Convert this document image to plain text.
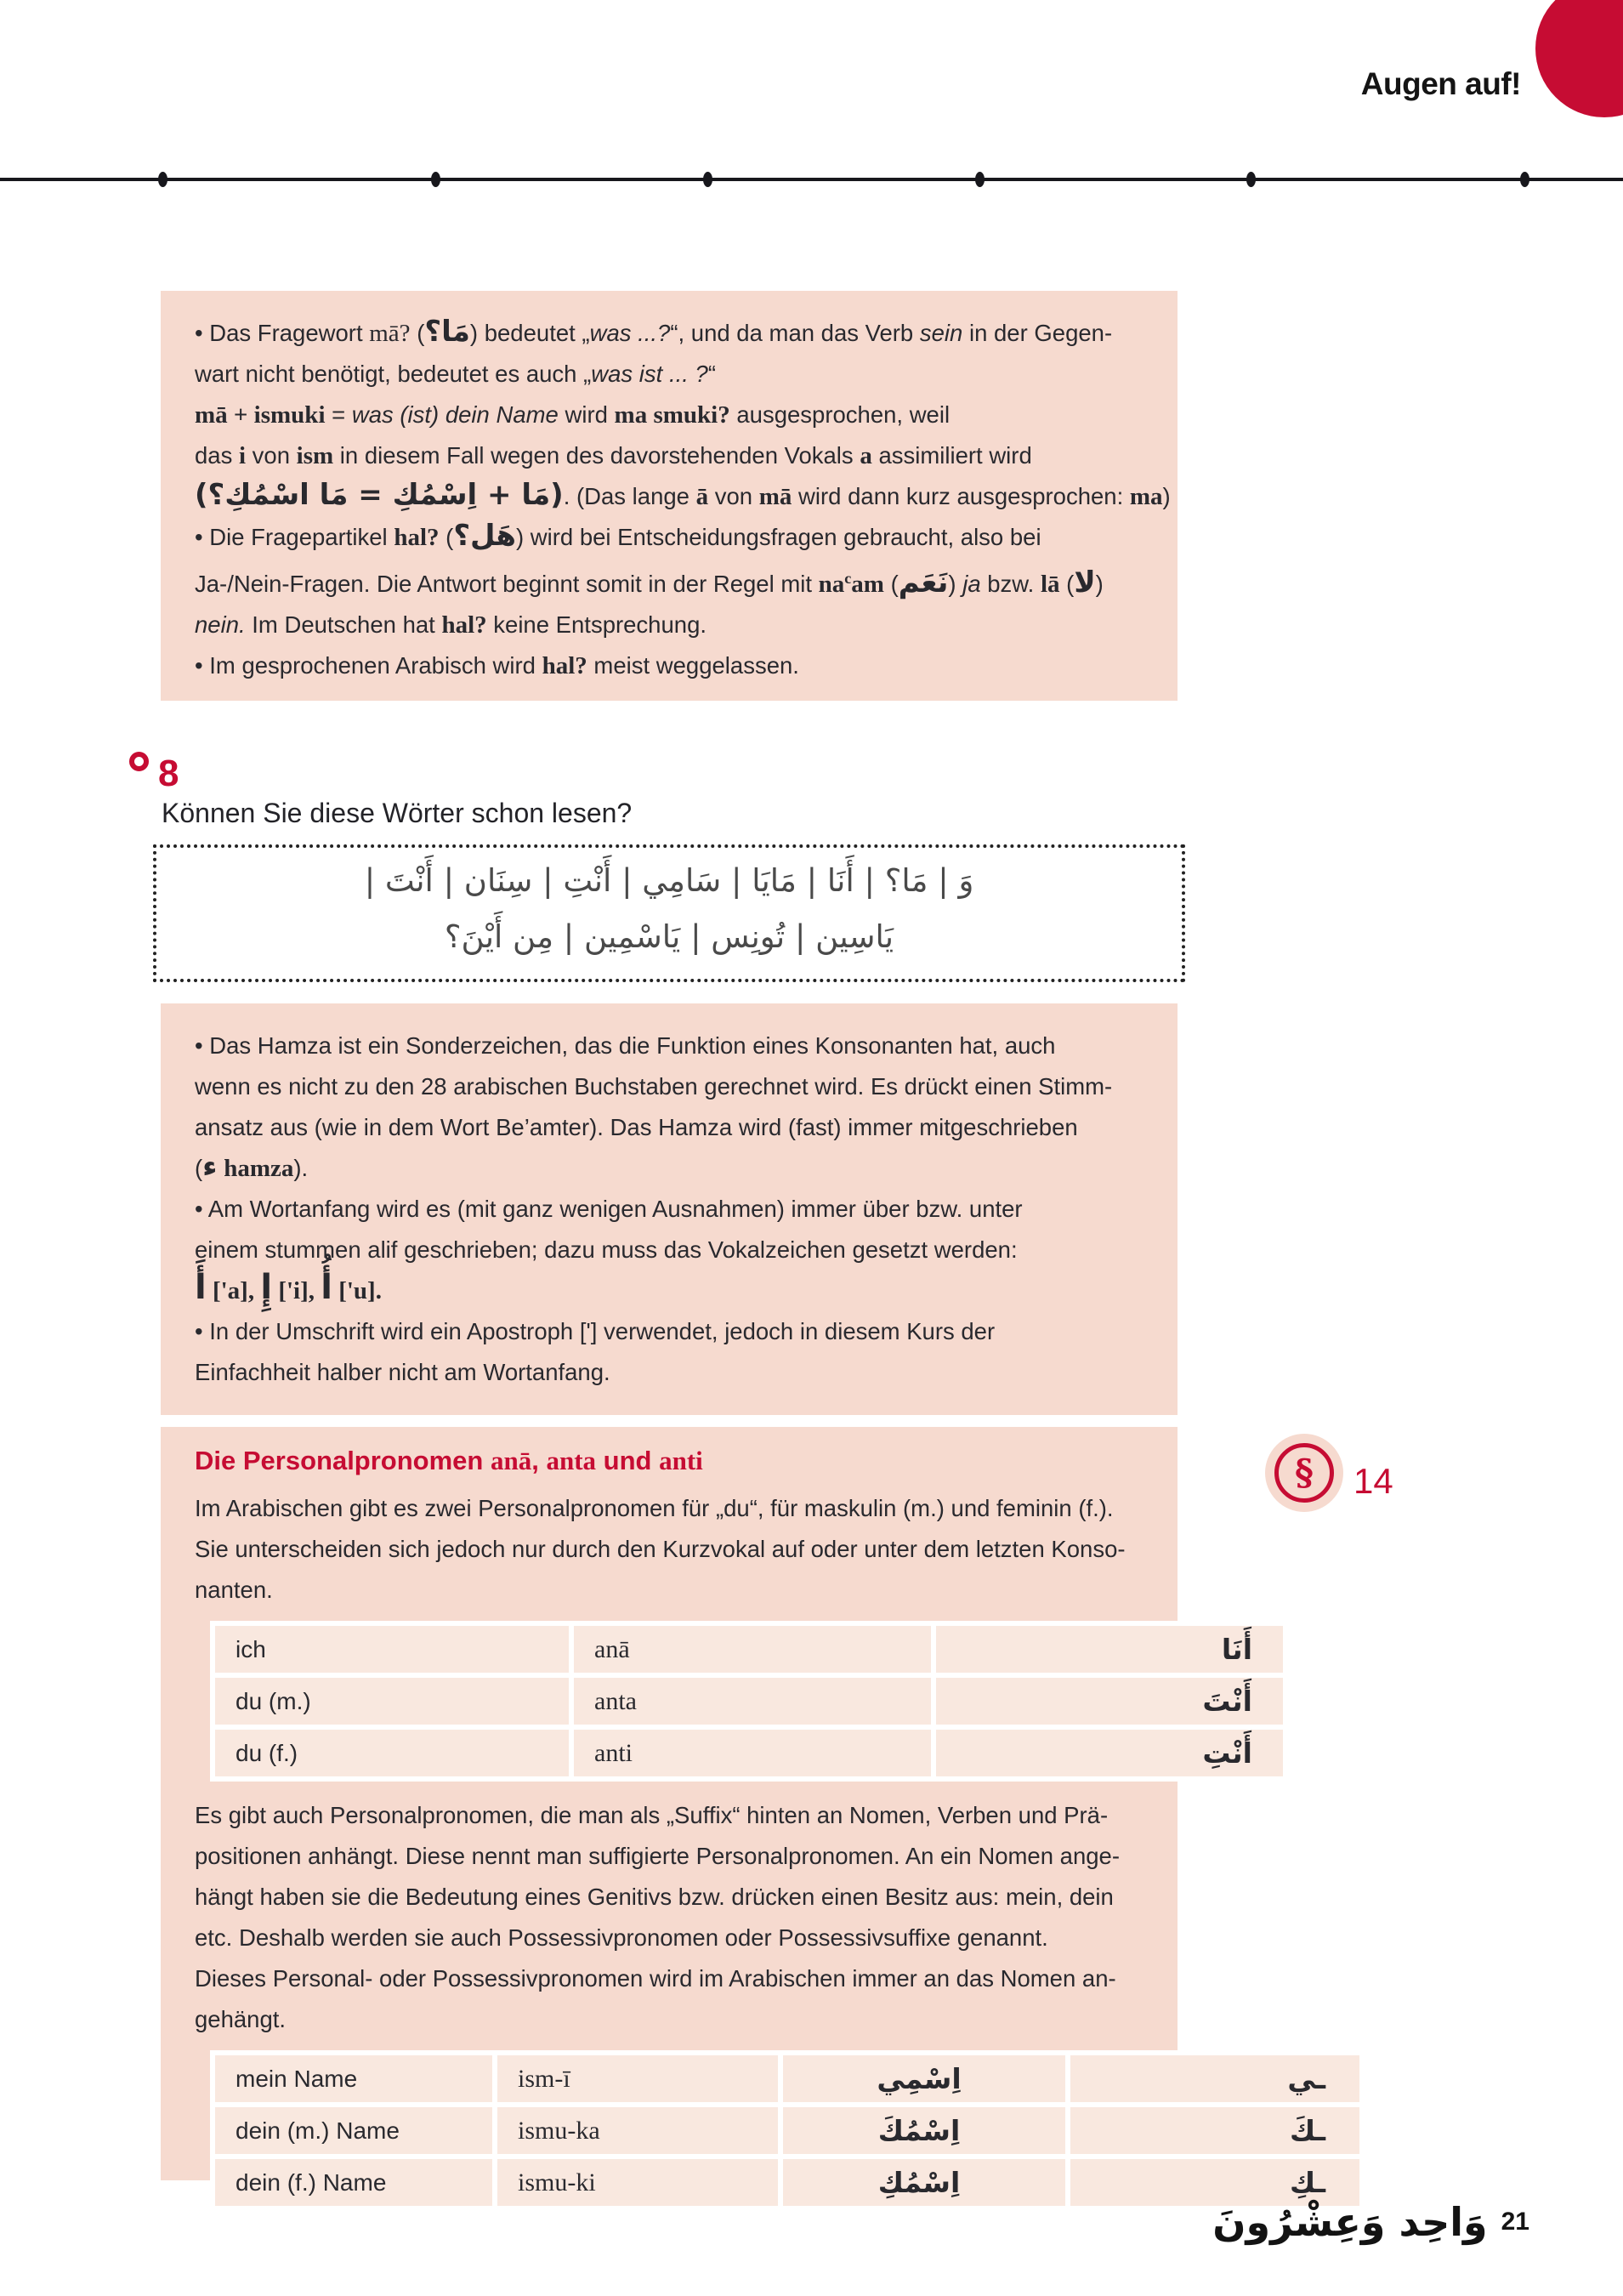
Augen auf!
• Das Fragewort mā? (مَا؟) bedeutet „was ...?“, und da man das Verb sein in der Gegen-
wart nicht benötigt, bedeutet es auch „was ist ... ?“
mā + ismuki = was (ist) dein Name wird ma smuki? ausgesprochen, weil
das i von ism in diesem Fall wegen des davorstehenden Vokals a assimiliert wird
(مَا + اِسْمُكِ = مَا اسْمُكِ؟). (Das lange ā von mā wird dann kurz ausgesprochen: ma)
• Die Fragepartikel hal? (هَل؟) wird bei Entscheidungsfragen gebraucht, also bei
Ja-/Nein-Fragen. Die Antwort beginnt somit in der Regel mit $na^cam$ (نَعَم) ja bzw. lā (لا)
nein. Im Deutschen hat hal? keine Entsprechung.
• Im gesprochenen Arabisch wird hal? meist weggelassen.
8
Können Sie diese Wörter schon lesen?
وَ | مَا؟ | أَنَا | مَايَا | سَامِي | أَنْتِ | سِنَان | أَنْتَ |
يَاسِين | تُونِس | يَاسْمِين | مِن أَيْنَ؟
• Das Hamza ist ein Sonderzeichen, das die Funktion eines Konsonanten hat, auch
wenn es nicht zu den 28 arabischen Buchstaben gerechnet wird. Es drückt einen Stimm-
ansatz aus (wie in dem Wort Be’amter). Das Hamza wird (fast) immer mitgeschrieben
(ء hamza).
• Am Wortanfang wird es (mit ganz wenigen Ausnahmen) immer über bzw. unter
einem stummen alif geschrieben; dazu muss das Vokalzeichen gesetzt werden:
أَ ['a], إِ ['i], أُ ['u].
• In der Umschrift wird ein Apostroph ['] verwendet, jedoch in diesem Kurs der
Einfachheit halber nicht am Wortanfang.
Die Personalpronomen anā, anta und anti
Im Arabischen gibt es zwei Personalpronomen für „du“, für maskulin (m.) und feminin (f.).
Sie unterscheiden sich jedoch nur durch den Kurzvokal auf oder unter dem letzten Konso-
nanten.
ich	anā	أَنَا
du (m.)	anta	أَنْتَ
du (f.)	anti	أَنْتِ
Es gibt auch Personalpronomen, die man als „Suffix“ hinten an Nomen, Verben und Prä-
positionen anhängt. Diese nennt man suffigierte Personalpronomen. An ein Nomen ange-
hängt haben sie die Bedeutung eines Genitivs bzw. drücken einen Besitz aus: mein, dein
etc. Deshalb werden sie auch Possessivpronomen oder Possessivsuffixe genannt.
Dieses Personal- oder Possessivpronomen wird im Arabischen immer an das Nomen an-
gehängt.
mein Name	ism-ī	اِسْمِي	ـي
dein (m.) Name	ismu-ka	اِسْمُكَ	ـكَ
dein (f.) Name	ismu-ki	اِسْمُكِ	ـكِ
§ 14
وَاحِد وَعِشْرُونَ 21
